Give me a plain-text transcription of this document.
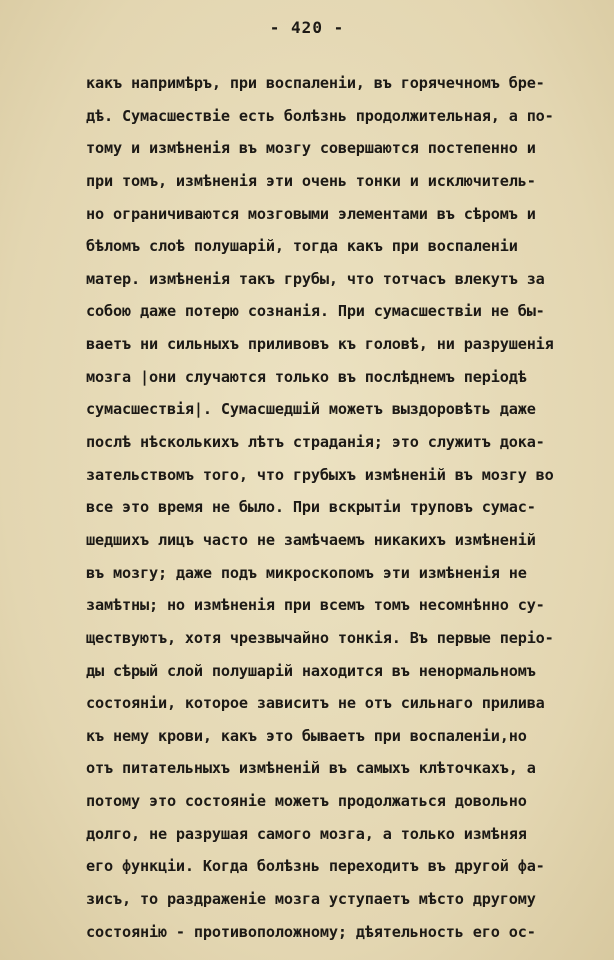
- 420 -
какъ напримѣръ, при воспаленiи, въ горячечномъ бре-
дѣ. Сумасшествiе есть болѣзнь продолжительная, а по-
тому и измѣненiя въ мозгу совершаются постепенно и
при томъ, измѣненiя эти очень тонки и исключитель-
но ограничиваются мозговыми элементами въ сѣромъ и
бѣломъ слоѣ полушарiй, тогда какъ при воспаленiи
матер. измѣненiя такъ грубы, что тотчасъ влекутъ за
собою даже потерю сознанiя. При сумасшествiи не бы-
ваетъ ни сильныхъ приливовъ къ головѣ, ни разрушенiя
мозга |они случаются только въ послѣднемъ перiодѣ
сумасшествiя|. Сумасшедшiй можетъ выздоровѣть даже
послѣ нѣсколькихъ лѣтъ страданiя; это служитъ дока-
зательствомъ того, что грубыхъ измѣненiй въ мозгу во
все это время не было. При вскрытiи труповъ сумас-
шедшихъ лицъ часто не замѣчаемъ никакихъ измѣненiй
въ мозгу; даже подъ микроскопомъ эти измѣненiя не
замѣтны; но измѣненiя при всемъ томъ несомнѣнно су-
ществуютъ, хотя чрезвычайно тонкiя. Въ первые перiо-
ды сѣрый слой полушарiй находится въ ненормальномъ
состоянiи, которое зависитъ не отъ сильнаго прилива
къ нему крови, какъ это бываетъ при воспаленiи,но
отъ питательныхъ измѣненiй въ самыхъ клѣточкахъ, а
потому это состоянiе можетъ продолжаться довольно
долго, не разрушая самого мозга, а только измѣняя
его функцiи. Когда болѣзнь переходитъ въ другой фа-
зисъ, то раздраженiе мозга уступаетъ мѣсто другому
состоянiю - противоположному; дѣятельность его ос-
